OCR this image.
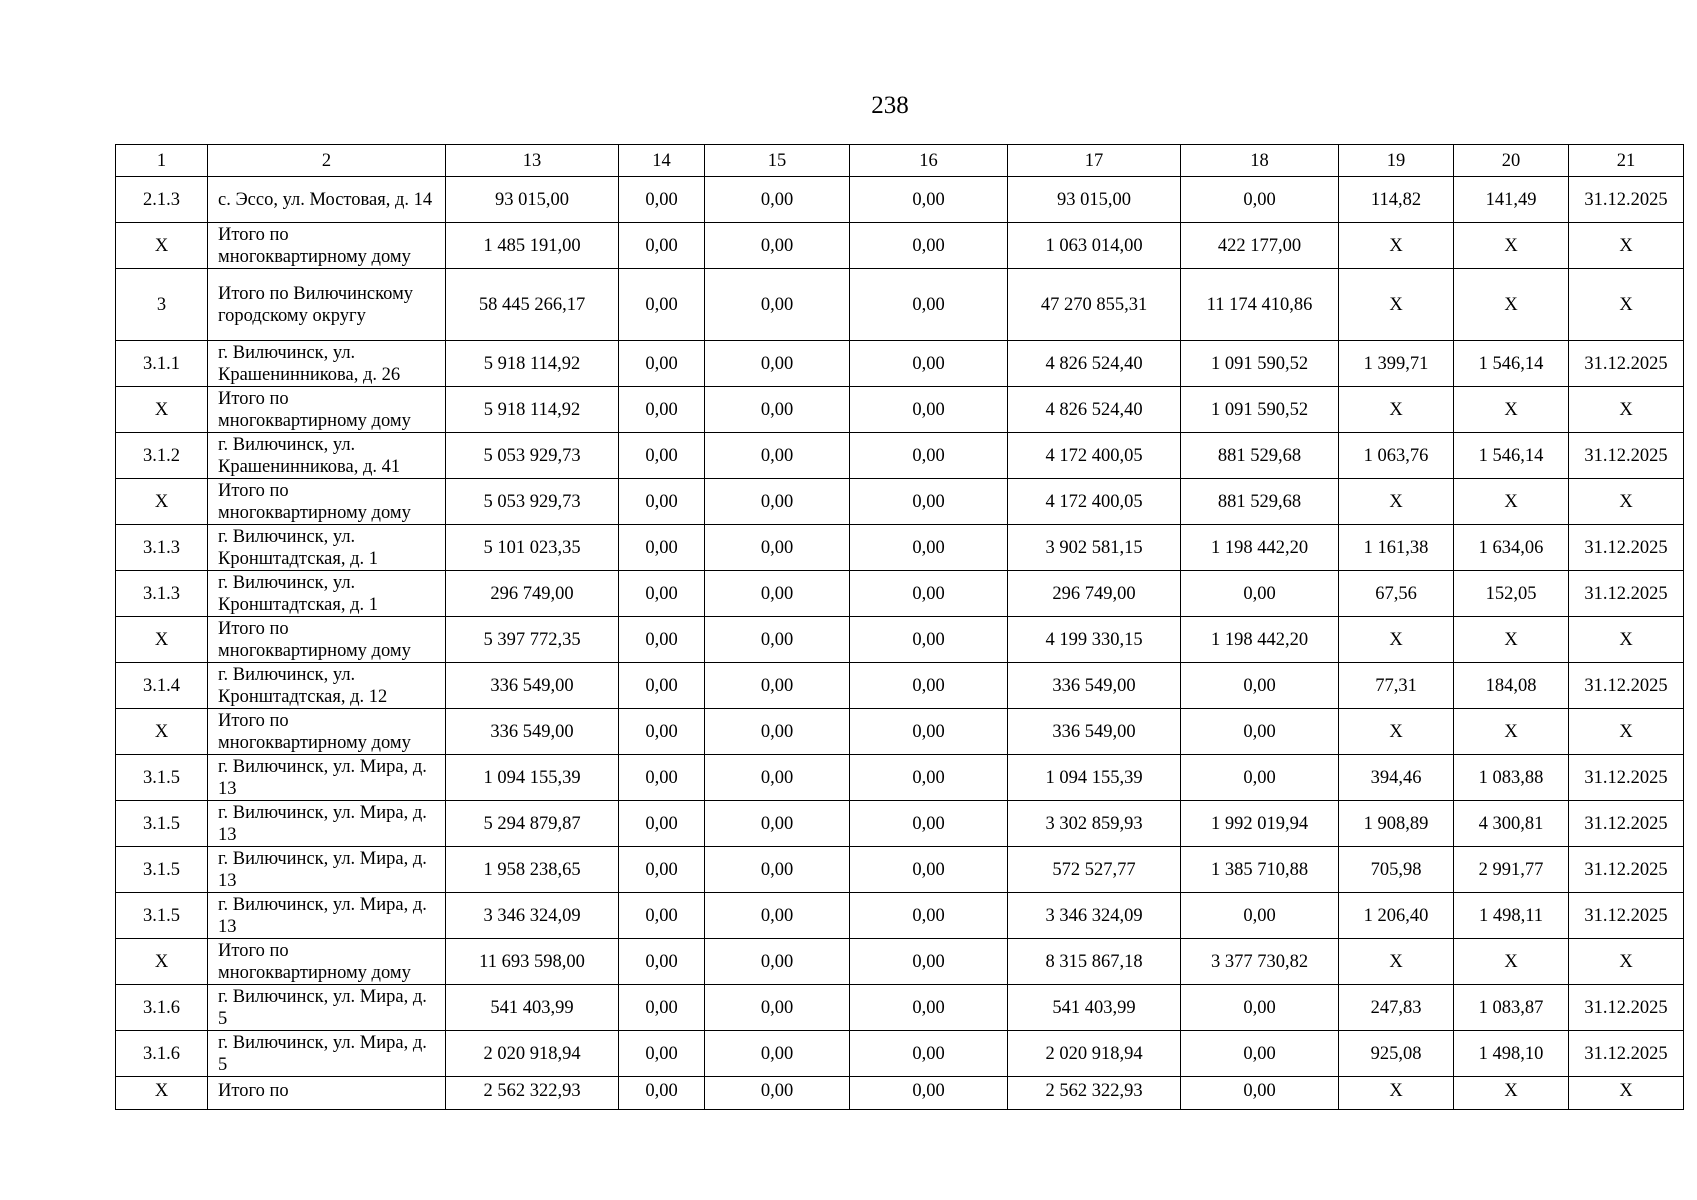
238
1	2	13	14	15	16	17	18	19	20	21
2.1.3	с. Эссо, ул. Мостовая, д. 14	93 015,00	0,00	0,00	0,00	93 015,00	0,00	114,82	141,49	31.12.2025
X	Итого по многоквартирному дому	1 485 191,00	0,00	0,00	0,00	1 063 014,00	422 177,00	X	X	X
3	Итого по Вилючинскому городскому округу	58 445 266,17	0,00	0,00	0,00	47 270 855,31	11 174 410,86	X	X	X
3.1.1	г. Вилючинск, ул. Крашенинникова, д. 26	5 918 114,92	0,00	0,00	0,00	4 826 524,40	1 091 590,52	1 399,71	1 546,14	31.12.2025
X	Итого по многоквартирному дому	5 918 114,92	0,00	0,00	0,00	4 826 524,40	1 091 590,52	X	X	X
3.1.2	г. Вилючинск, ул. Крашенинникова, д. 41	5 053 929,73	0,00	0,00	0,00	4 172 400,05	881 529,68	1 063,76	1 546,14	31.12.2025
X	Итого по многоквартирному дому	5 053 929,73	0,00	0,00	0,00	4 172 400,05	881 529,68	X	X	X
3.1.3	г. Вилючинск, ул. Кронштадтская, д. 1	5 101 023,35	0,00	0,00	0,00	3 902 581,15	1 198 442,20	1 161,38	1 634,06	31.12.2025
3.1.3	г. Вилючинск, ул. Кронштадтская, д. 1	296 749,00	0,00	0,00	0,00	296 749,00	0,00	67,56	152,05	31.12.2025
X	Итого по многоквартирному дому	5 397 772,35	0,00	0,00	0,00	4 199 330,15	1 198 442,20	X	X	X
3.1.4	г. Вилючинск, ул. Кронштадтская, д. 12	336 549,00	0,00	0,00	0,00	336 549,00	0,00	77,31	184,08	31.12.2025
X	Итого по многоквартирному дому	336 549,00	0,00	0,00	0,00	336 549,00	0,00	X	X	X
3.1.5	г. Вилючинск, ул. Мира, д. 13	1 094 155,39	0,00	0,00	0,00	1 094 155,39	0,00	394,46	1 083,88	31.12.2025
3.1.5	г. Вилючинск, ул. Мира, д. 13	5 294 879,87	0,00	0,00	0,00	3 302 859,93	1 992 019,94	1 908,89	4 300,81	31.12.2025
3.1.5	г. Вилючинск, ул. Мира, д. 13	1 958 238,65	0,00	0,00	0,00	572 527,77	1 385 710,88	705,98	2 991,77	31.12.2025
3.1.5	г. Вилючинск, ул. Мира, д. 13	3 346 324,09	0,00	0,00	0,00	3 346 324,09	0,00	1 206,40	1 498,11	31.12.2025
X	Итого по многоквартирному дому	11 693 598,00	0,00	0,00	0,00	8 315 867,18	3 377 730,82	X	X	X
3.1.6	г. Вилючинск, ул. Мира, д. 5	541 403,99	0,00	0,00	0,00	541 403,99	0,00	247,83	1 083,87	31.12.2025
3.1.6	г. Вилючинск, ул. Мира, д. 5	2 020 918,94	0,00	0,00	0,00	2 020 918,94	0,00	925,08	1 498,10	31.12.2025
X	Итого по	2 562 322,93	0,00	0,00	0,00	2 562 322,93	0,00	X	X	X
